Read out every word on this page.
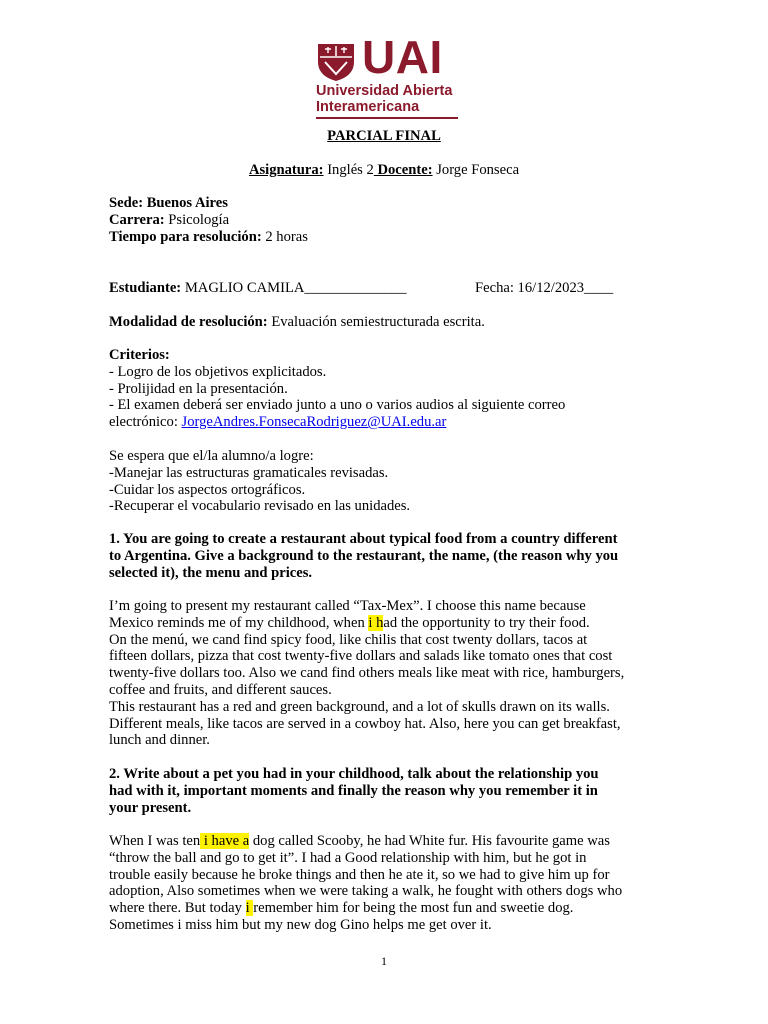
UAI
Universidad Abierta
Interamericana
PARCIAL FINAL
Asignatura: Inglés 2 Docente: Jorge Fonseca
Sede: Buenos Aires
Carrera: Psicología
Tiempo para resolución: 2 horas
Estudiante: MAGLIO CAMILA______________	Fecha: 16/12/2023____
Modalidad de resolución: Evaluación semiestructurada escrita.
Criterios:
- Logro de los objetivos explicitados.
- Prolijidad en la presentación.
- El examen deberá ser enviado junto a uno o varios audios al siguiente correo
electrónico: JorgeAndres.FonsecaRodriguez@UAI.edu.ar
Se espera que el/la alumno/a logre:
-Manejar las estructuras gramaticales revisadas.
-Cuidar los aspectos ortográficos.
-Recuperar el vocabulario revisado en las unidades.
1. You are going to create a restaurant about typical food from a country different
to Argentina. Give a background to the restaurant, the name, (the reason why you
selected it), the menu and prices.
I’m going to present my restaurant called “Tax-Mex”. I choose this name because
Mexico reminds me of my childhood, when i had the opportunity to try their food.
On the menú, we cand find spicy food, like chilis that cost twenty dollars, tacos at
fifteen dollars, pizza that cost twenty-five dollars and salads like tomato ones that cost
twenty-five dollars too. Also we cand find others meals like meat with rice, hamburgers,
coffee and fruits, and different sauces.
This restaurant has a red and green background, and a lot of skulls drawn on its walls.
Different meals, like tacos are served in a cowboy hat. Also, here you can get breakfast,
lunch and dinner.
2. Write about a pet you had in your childhood, talk about the relationship you
had with it, important moments and finally the reason why you remember it in
your present.
When I was ten i have a dog called Scooby, he had White fur. His favourite game was
“throw the ball and go to get it”. I had a Good relationship with him, but he got in
trouble easily because he broke things and then he ate it, so we had to give him up for
adoption, Also sometimes when we were taking a walk, he fought with others dogs who
where there. But today i remember him for being the most fun and sweetie dog.
Sometimes i miss him but my new dog Gino helps me get over it.
1
